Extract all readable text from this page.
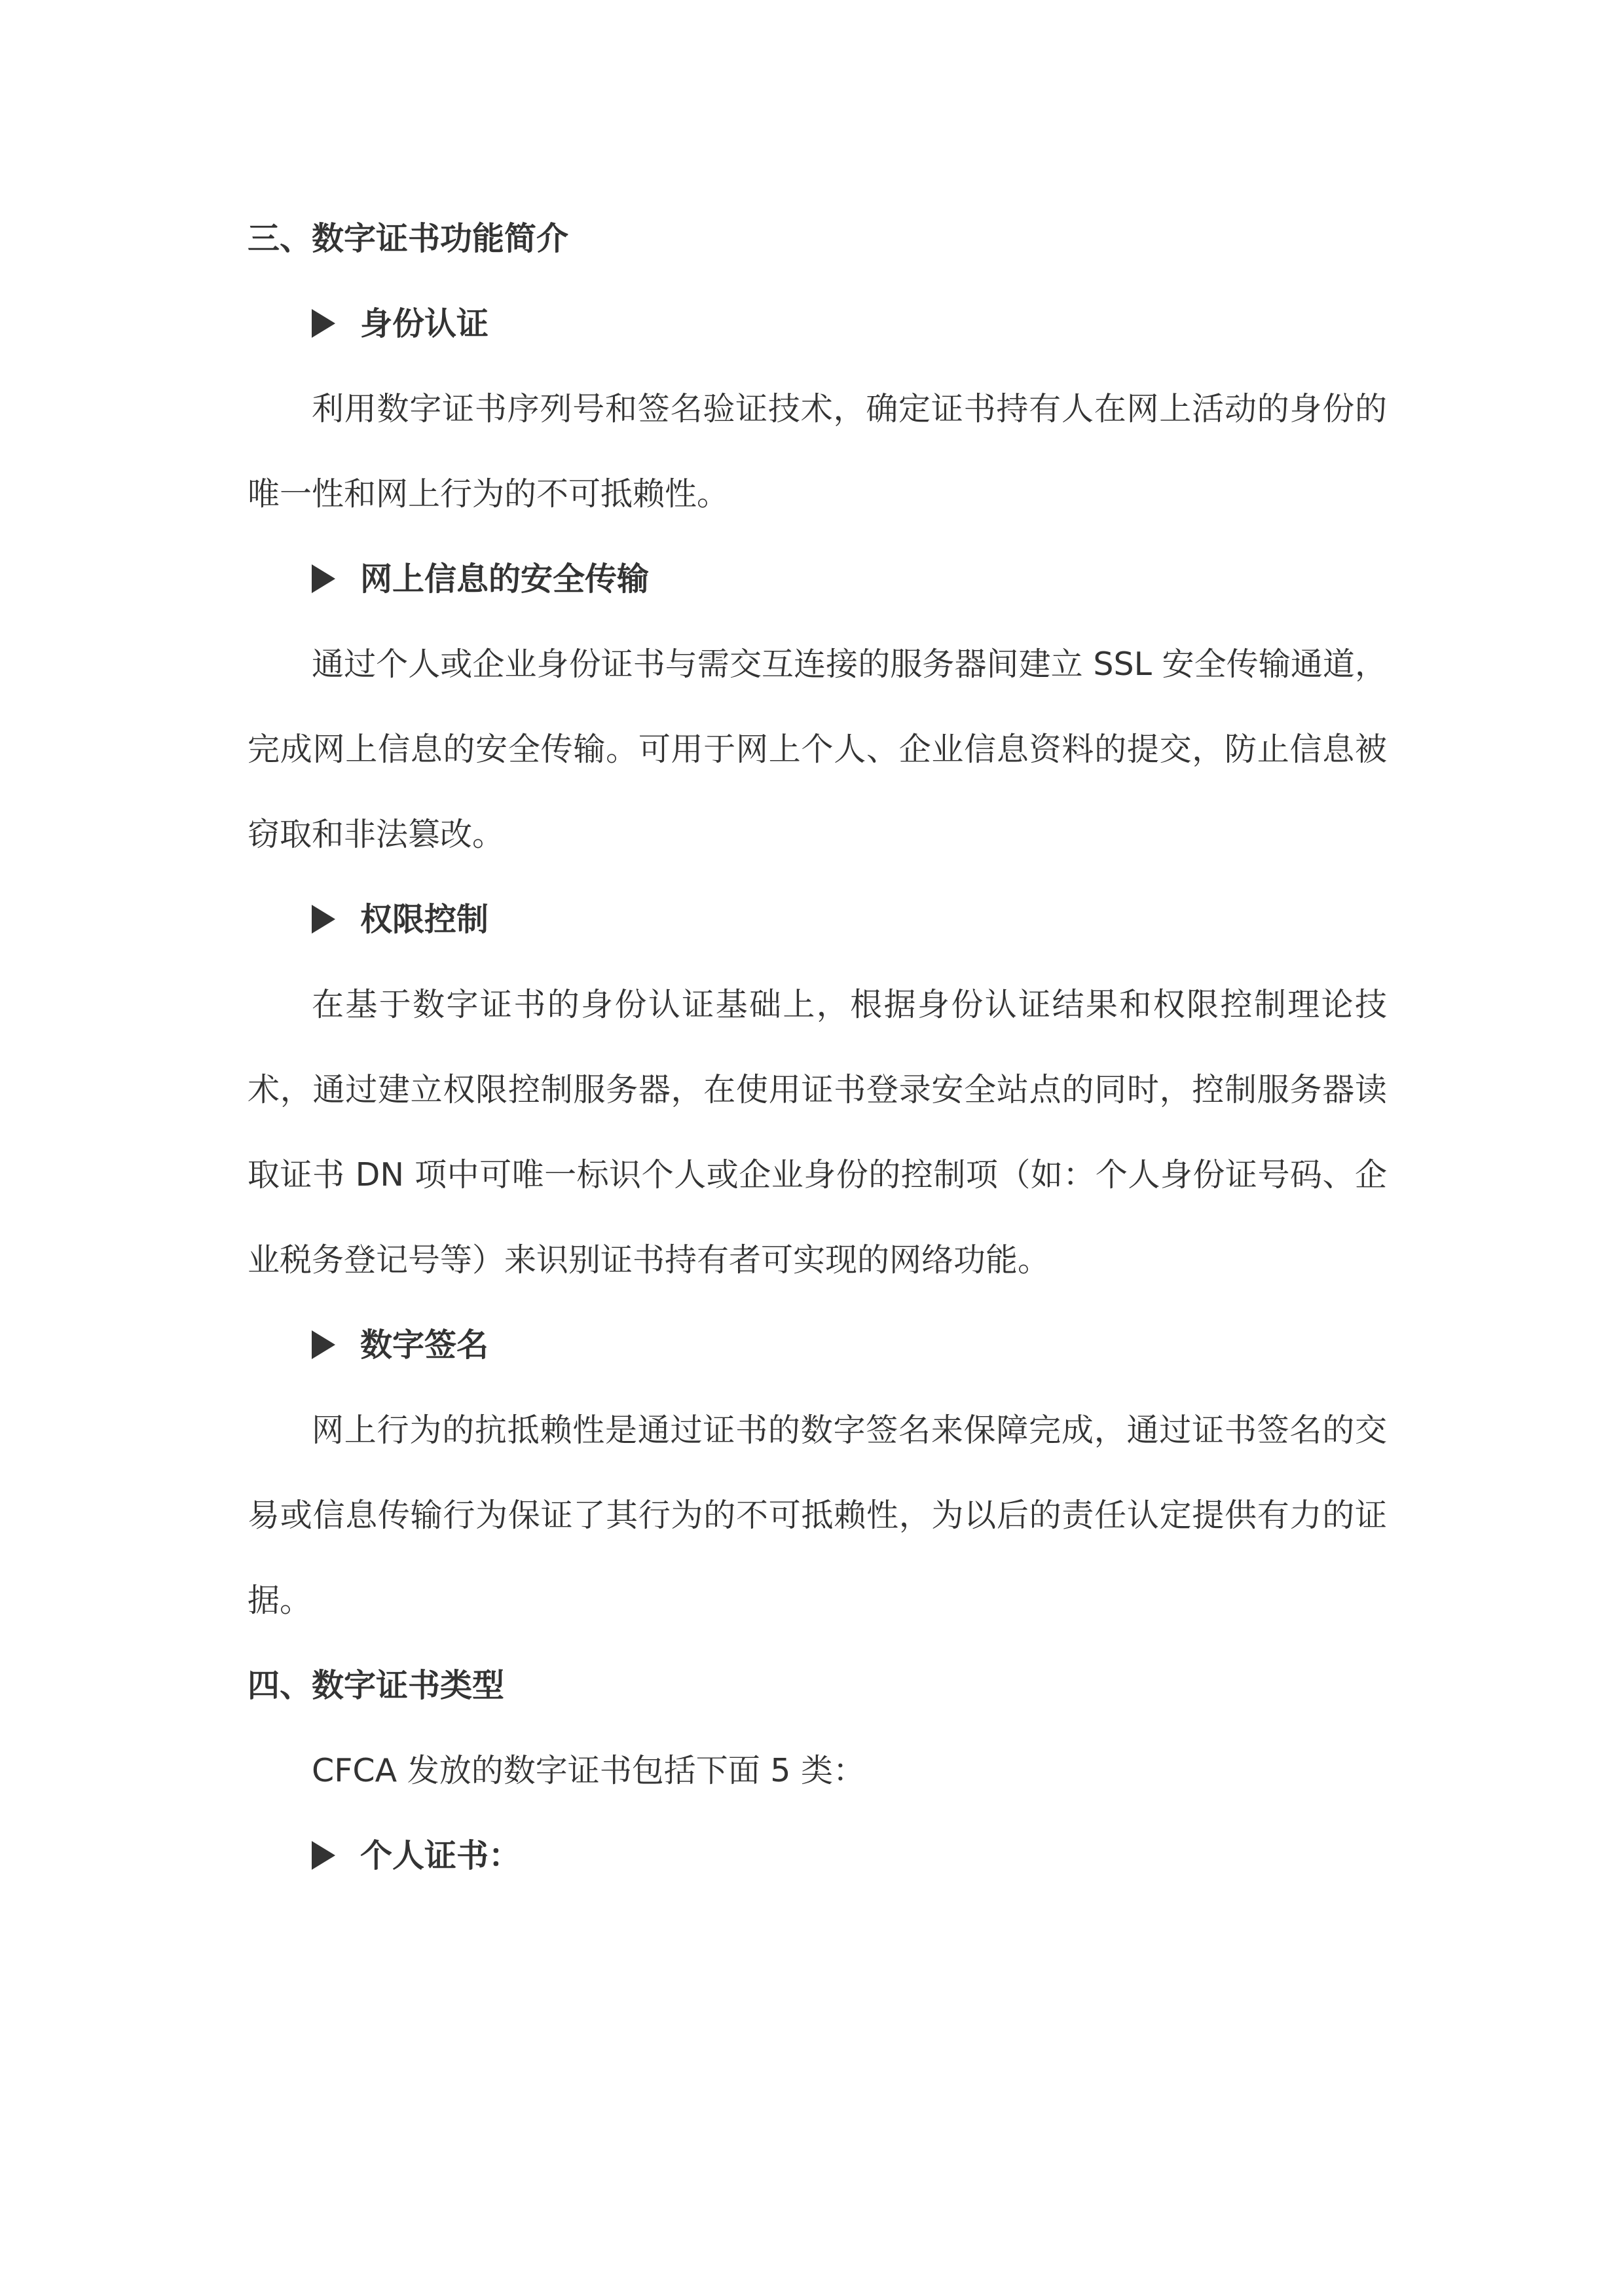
三、数字证书功能简介
身份认证
利用数字证书序列号和签名验证技术，确定证书持有人在网上活动的身份的
唯一性和网上行为的不可抵赖性。
网上信息的安全传输
通过个人或企业身份证书与需交互连接的服务器间建立 SSL 安全传输通道，
完成网上信息的安全传输。可用于网上个人、企业信息资料的提交，防止信息被
窃取和非法篡改。
权限控制
在基于数字证书的身份认证基础上，根据身份认证结果和权限控制理论技
术，通过建立权限控制服务器，在使用证书登录安全站点的同时，控制服务器读
取证书 DN 项中可唯一标识个人或企业身份的控制项（如：个人身份证号码、企
业税务登记号等）来识别证书持有者可实现的网络功能。
数字签名
网上行为的抗抵赖性是通过证书的数字签名来保障完成，通过证书签名的交
易或信息传输行为保证了其行为的不可抵赖性，为以后的责任认定提供有力的证
据。
四、数字证书类型
CFCA 发放的数字证书包括下面 5 类：
个人证书：
